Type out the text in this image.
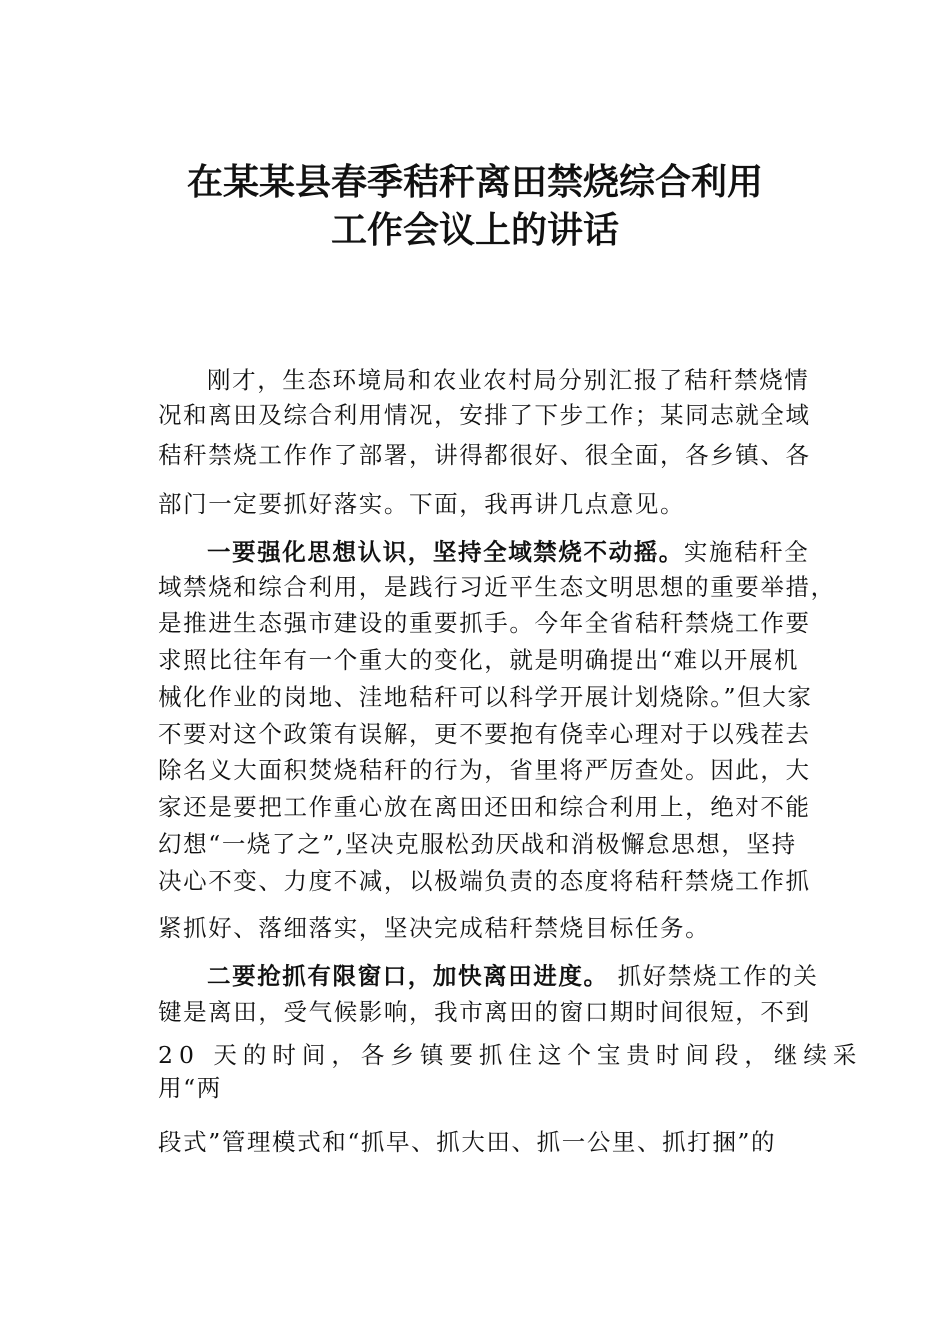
在某某县春季秸秆离田禁烧综合利用
工作会议上的讲话
刚才，生态环境局和农业农村局分别汇报了秸秆禁烧情
况和离田及综合利用情况，安排了下步工作；某同志就全域
秸秆禁烧工作作了部署，讲得都很好、很全面，各乡镇、各
部门一定要抓好落实。下面，我再讲几点意见。
一要强化思想认识，坚持全域禁烧不动摇。实施秸秆全
域禁烧和综合利用，是践行习近平生态文明思想的重要举措，
是推进生态强市建设的重要抓手。今年全省秸秆禁烧工作要
求照比往年有一个重大的变化，就是明确提出“难以开展机
械化作业的岗地、洼地秸秆可以科学开展计划烧除。”但大家
不要对这个政策有误解，更不要抱有侥幸心理对于以残茬去
除名义大面积焚烧秸秆的行为，省里将严厉查处。因此，大
家还是要把工作重心放在离田还田和综合利用上，绝对不能
幻想“一烧了之”,坚决克服松劲厌战和消极懈怠思想，坚持
决心不变、力度不减，以极端负责的态度将秸秆禁烧工作抓
紧抓好、落细落实，坚决完成秸秆禁烧目标任务。
二要抢抓有限窗口，加快离田进度。 抓好禁烧工作的关
键是离田，受气候影响，我市离田的窗口期时间很短，不到
20 天的时间，各乡镇要抓住这个宝贵时间段，继续采
用“两
段式”管理模式和“抓早、抓大田、抓一公里、抓打捆”的
